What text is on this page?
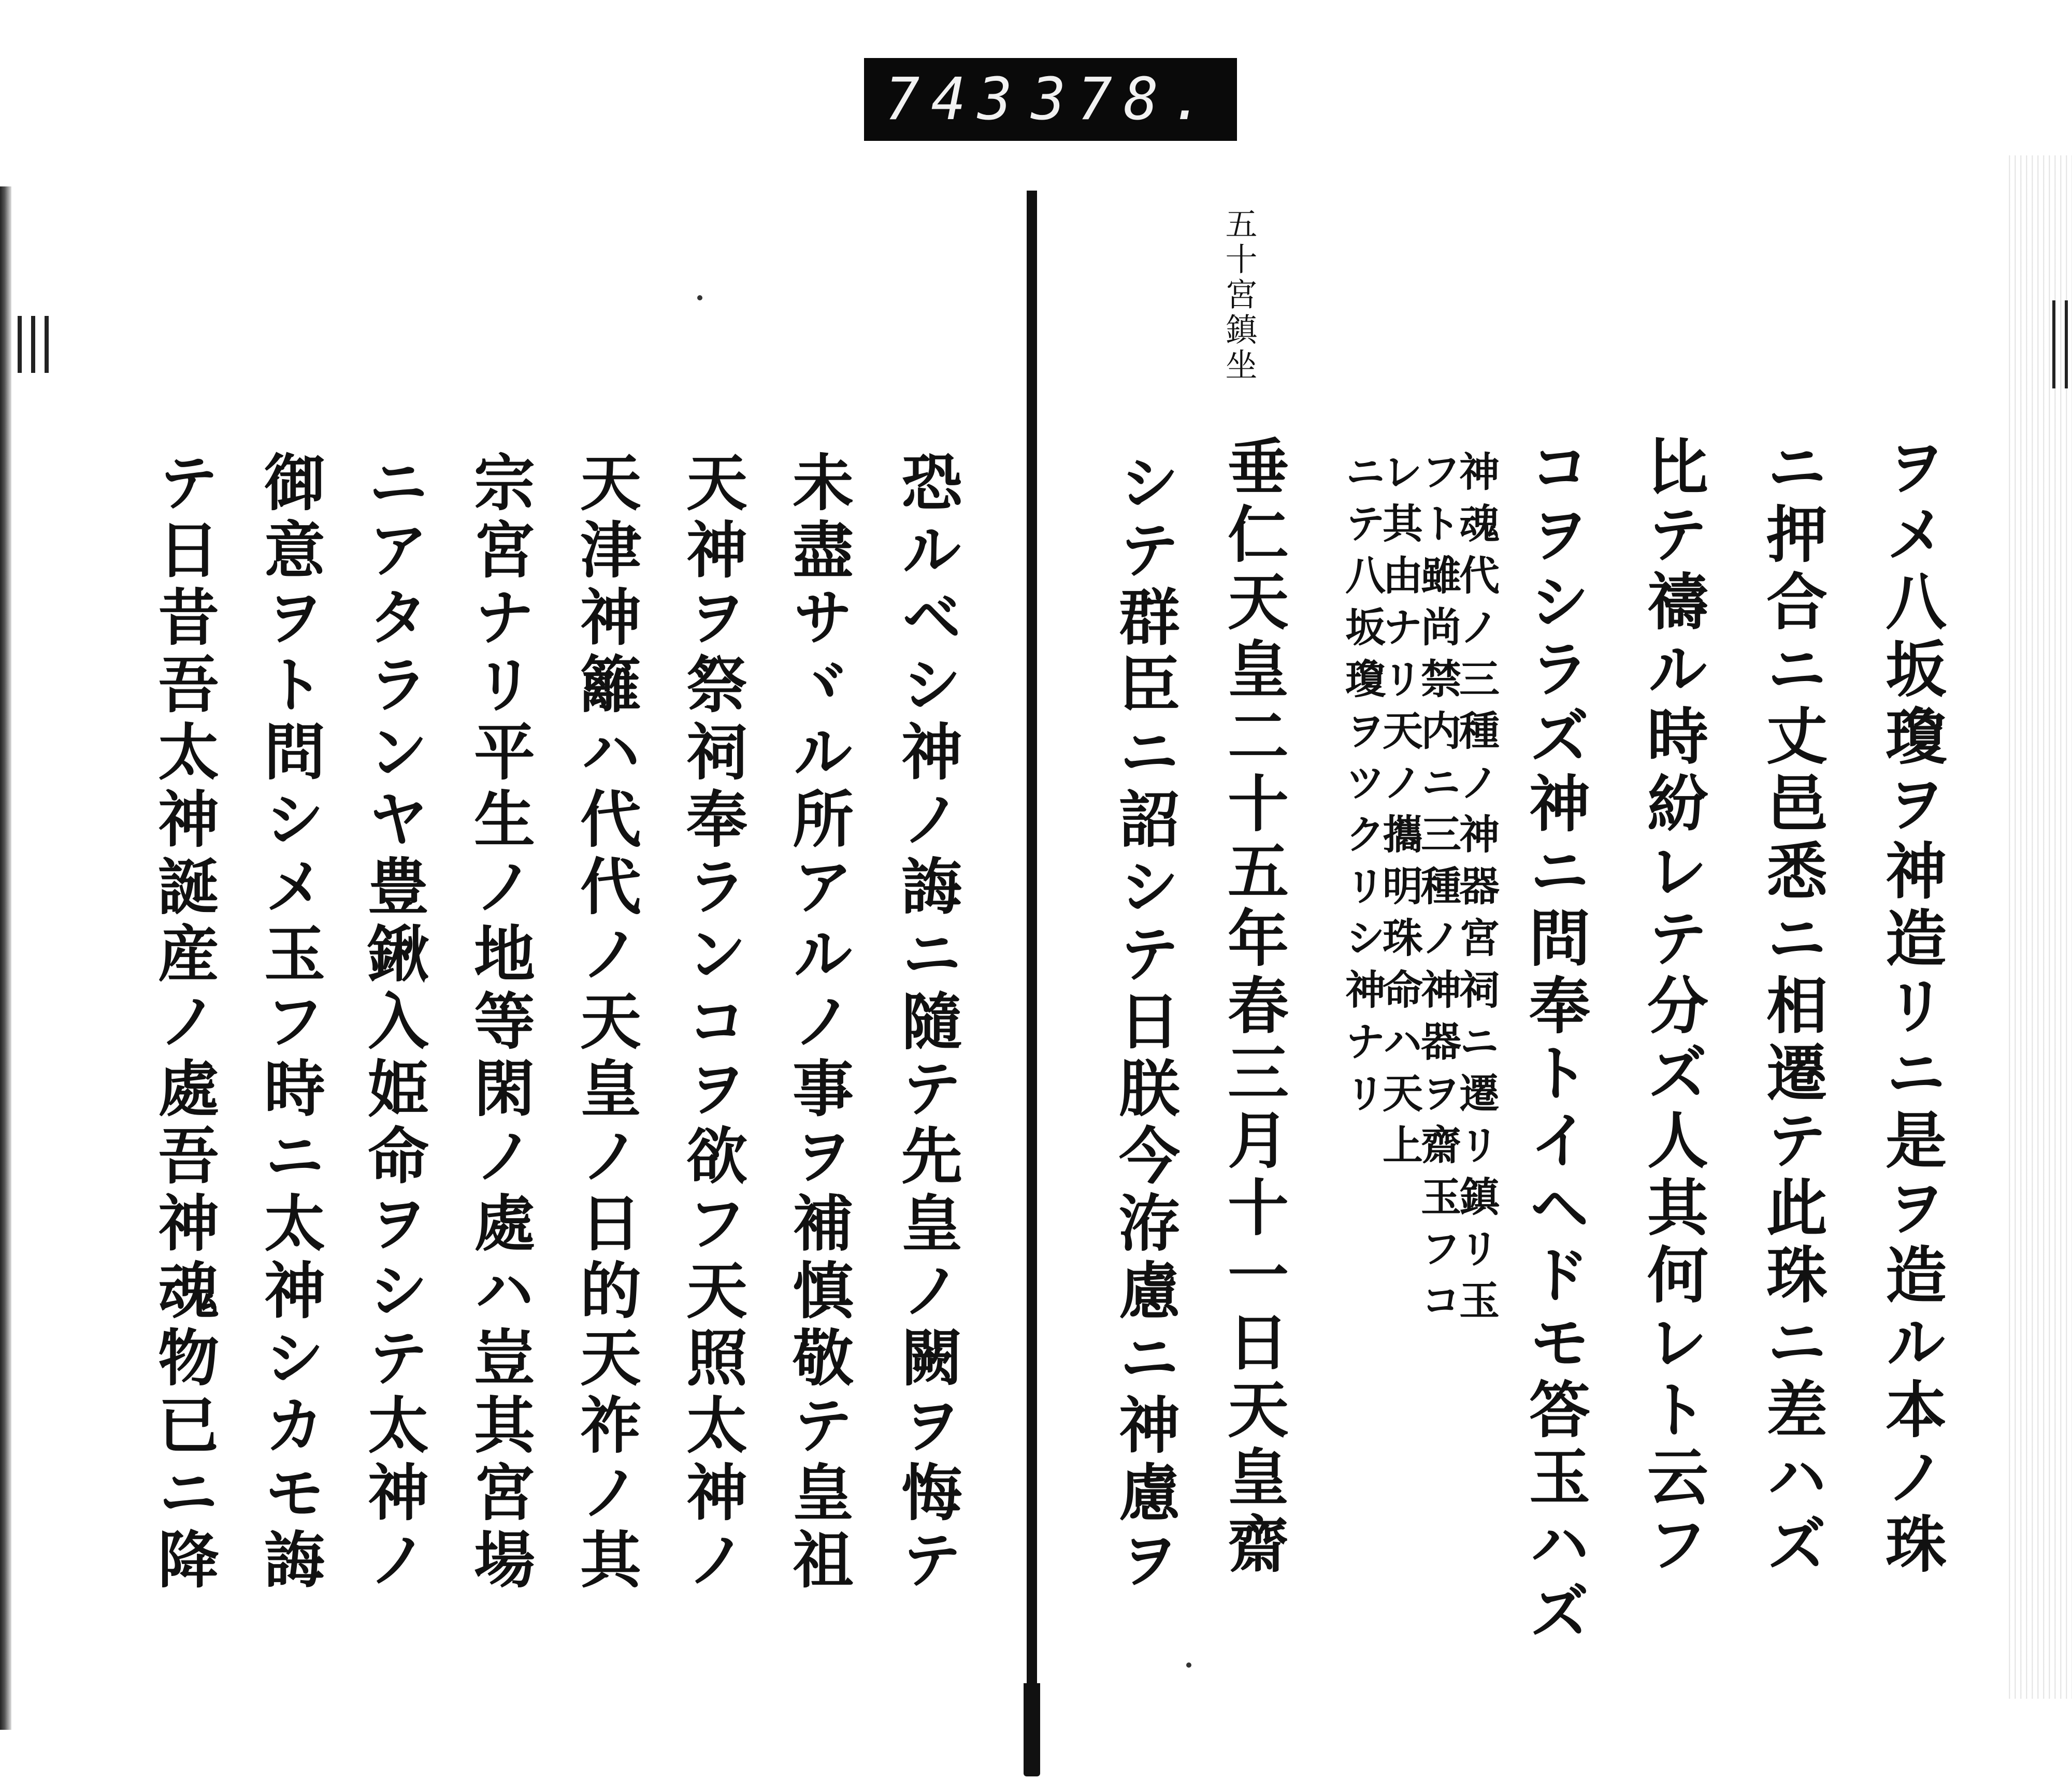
743 378.
五十宮鎮坐
ヲメ八坂瓊ヲ神造リニ是ヲ造ル本ノ珠
ニ押合ニ丈邑悉ニ相遷テ此珠ニ差ハズ
比テ禱ル時紛レテ分ズ人其何レト云フ
コヲシラズ神ニ問奉トイヘドモ答玉ハズ
神魂代ノ三種ノ神器宮祠ニ遷リ鎮リ玉
フト雖尚禁内ニ三種ノ神器ヲ齋玉フコ
レ其由ナリ天ノ攜明珠命ハ天上
ニテ八坂瓊ヲツクリシ神ナリ
垂仁天皇二十五年春三月十一日天皇齋
シテ群臣ニ詔シテ日朕今洊慮ニ神慮ヲ
恐ルベシ神ノ誨ニ隨テ先皇ノ闕ヲ悔テ
未盡サヾル所アルノ事ヲ補慎敬テ皇祖
天神ヲ祭祠奉ランコヲ欲フ天照太神ノ
天津神籬ハ代代ノ天皇ノ日的天祚ノ其
宗宮ナリ平生ノ地等閑ノ處ハ豈其宮場
ニアタランヤ豊鍬入姫命ヲシテ太神ノ
御意ヲト問シメ玉フ時ニ太神シカモ誨
テ日昔吾太神誕産ノ處吾神魂物已ニ降
